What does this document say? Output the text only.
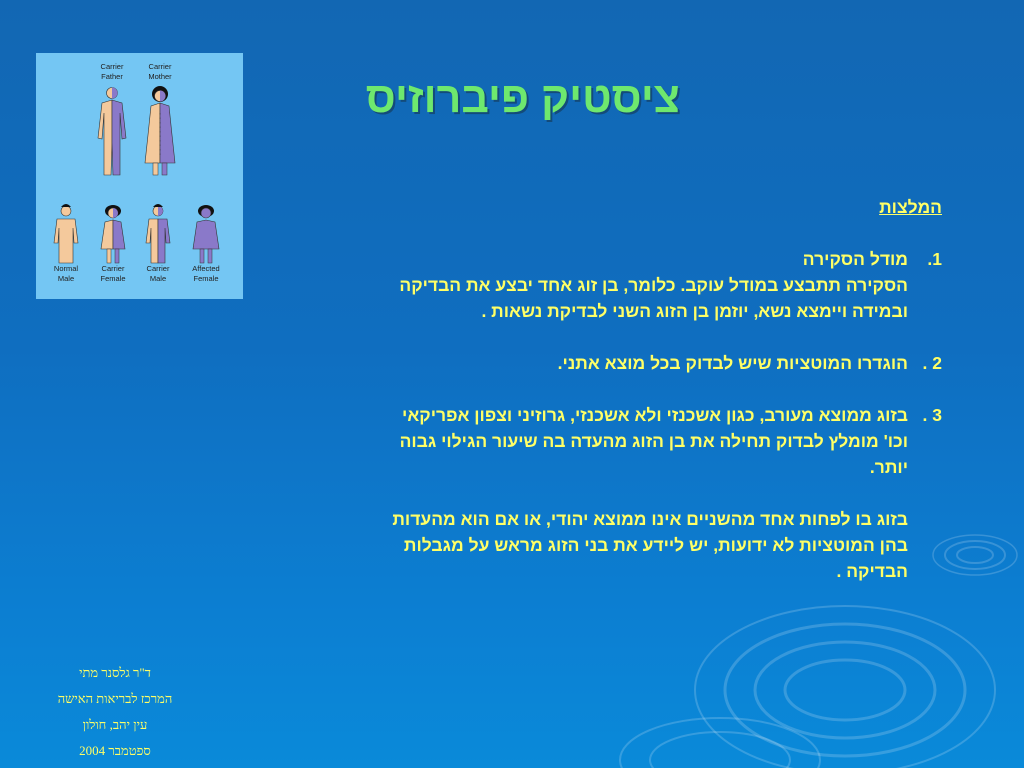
Carrier
Father
Carrier
Mother
Normal
Male
Carrier
Female
Carrier
Male
Affected
Female
ציסטיק פיברוזיס

המלצות

1.

מודל הסקירה

הסקירה תתבצע במודל עוקב. כלומר, בן זוג אחד יבצע את הבדיקה

ובמידה ויימצא נשא, יוזמן בן הזוג השני לבדיקת נשאות .

2 .

הוגדרו המוטציות שיש לבדוק בכל מוצא אתני.

3 .

בזוג ממוצא מעורב, כגון אשכנזי ולא אשכנזי, גרוזיני וצפון אפריקאי

וכו' מומלץ לבדוק תחילה את בן הזוג מהעדה בה שיעור הגילוי גבוה

יותר.

בזוג בו לפחות אחד מהשניים אינו ממוצא יהודי, או אם הוא מהעדות

בהן המוטציות לא ידועות, יש ליידע את בני הזוג מראש על מגבלות

הבדיקה .

ד"ר גלסנר מתי
המרכז לבריאות האישה
עין יהב, חולון
ספטמבר 2004
